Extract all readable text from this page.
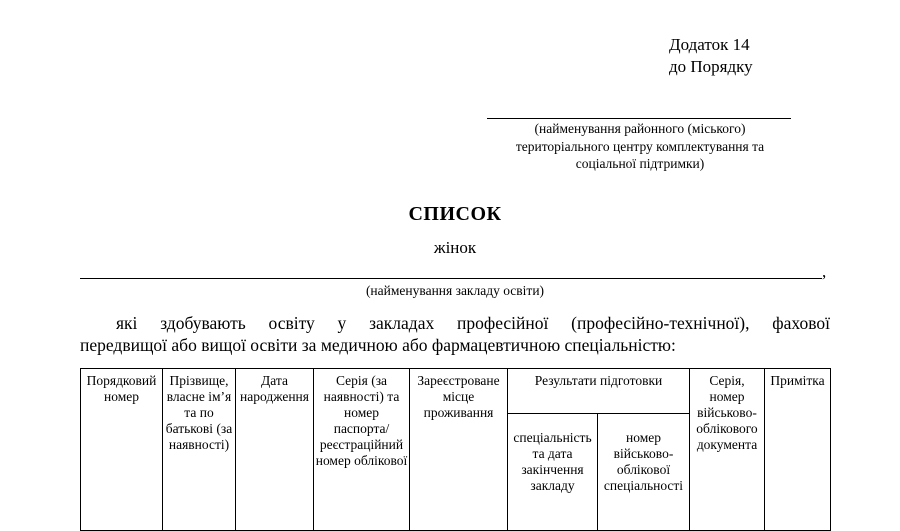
Додаток 14
до Порядку
(найменування районного (міського)
територіального центру комплектування та
соціальної підтримки)
СПИСОК
жінок
,
(найменування закладу освіти)
які здобувають освіту у закладах професійної (професійно-технічної), фахової
передвищої або вищої освіти за медичною або фармацевтичною спеціальністю:
Порядковий номер	Прізвище, власне ім’я та по батькові (за наявності)	Дата народження	Серія (за наявності) та номер паспорта/ реєстраційний номер облікової	Зареєстроване місце проживання	Результати підготовки		Серія, номер військово-облікового документа	Примітка
					спеціальність та дата закінчення закладу	номер військово-облікової спеціальності		
